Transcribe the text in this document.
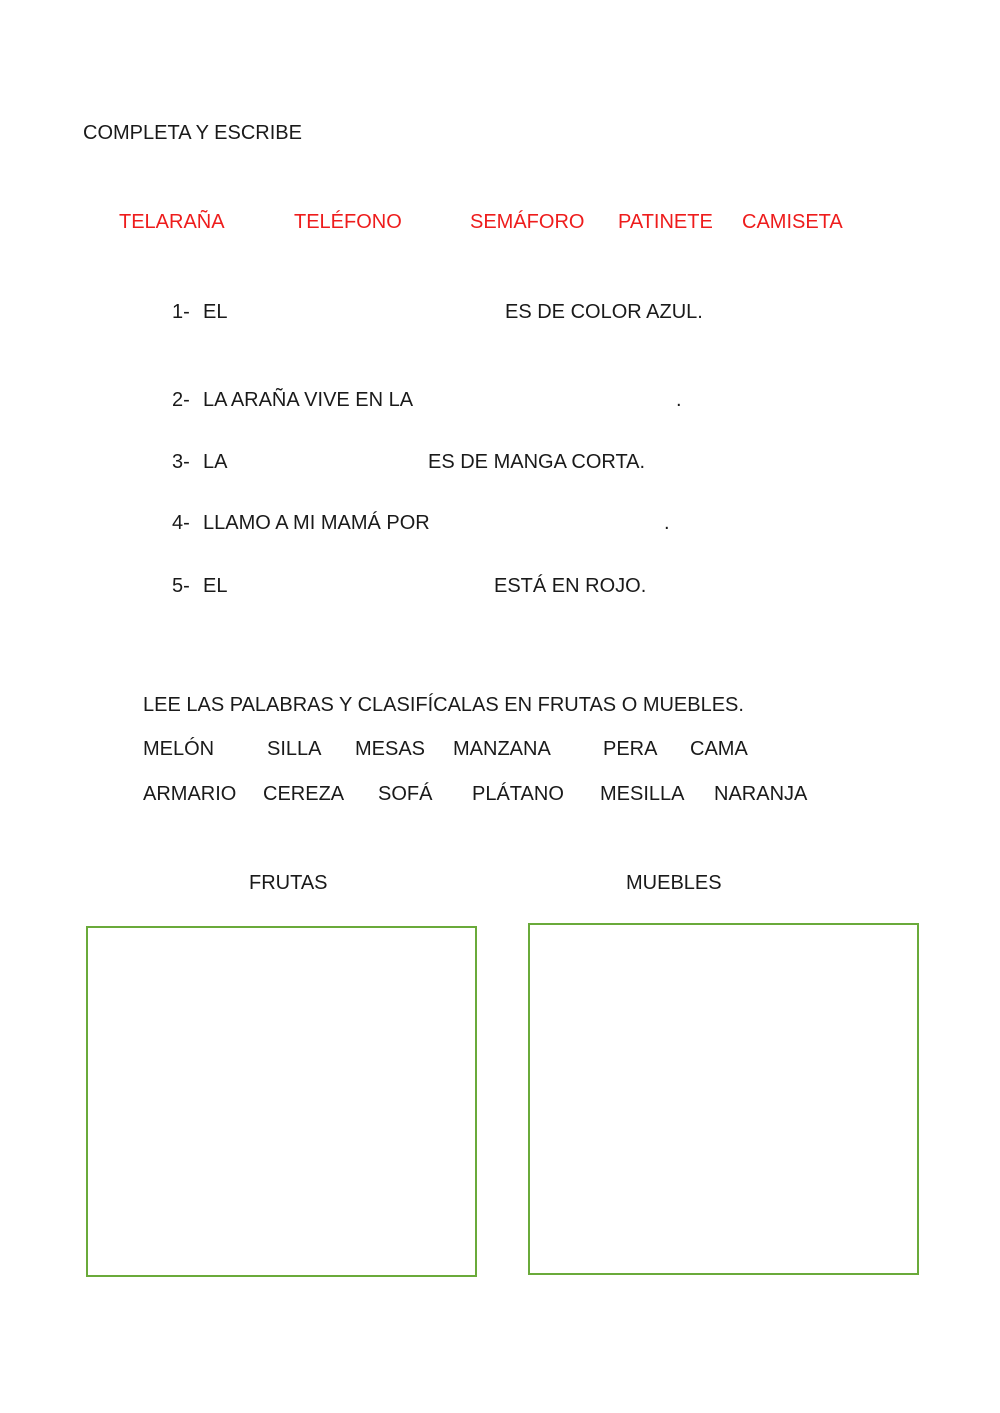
COMPLETA Y ESCRIBE
TELARAÑA	TELÉFONO	SEMÁFORO PATINETE CAMISETA
1- EL	ES DE COLOR AZUL.
2- LA ARAÑA VIVE EN LA	.
3- LA	ES DE MANGA CORTA.
4- LLAMO A MI MAMÁ POR	.
5- EL	ESTÁ EN ROJO.
LEE LAS PALABRAS Y CLASIFÍCALAS EN FRUTAS O MUEBLES.
MELÓN	SILLA MESAS MANZANA	PERA CAMA
ARMARIO CEREZA SOFÁ PLÁTANO MESILLA NARANJA
FRUTAS	MUEBLES
